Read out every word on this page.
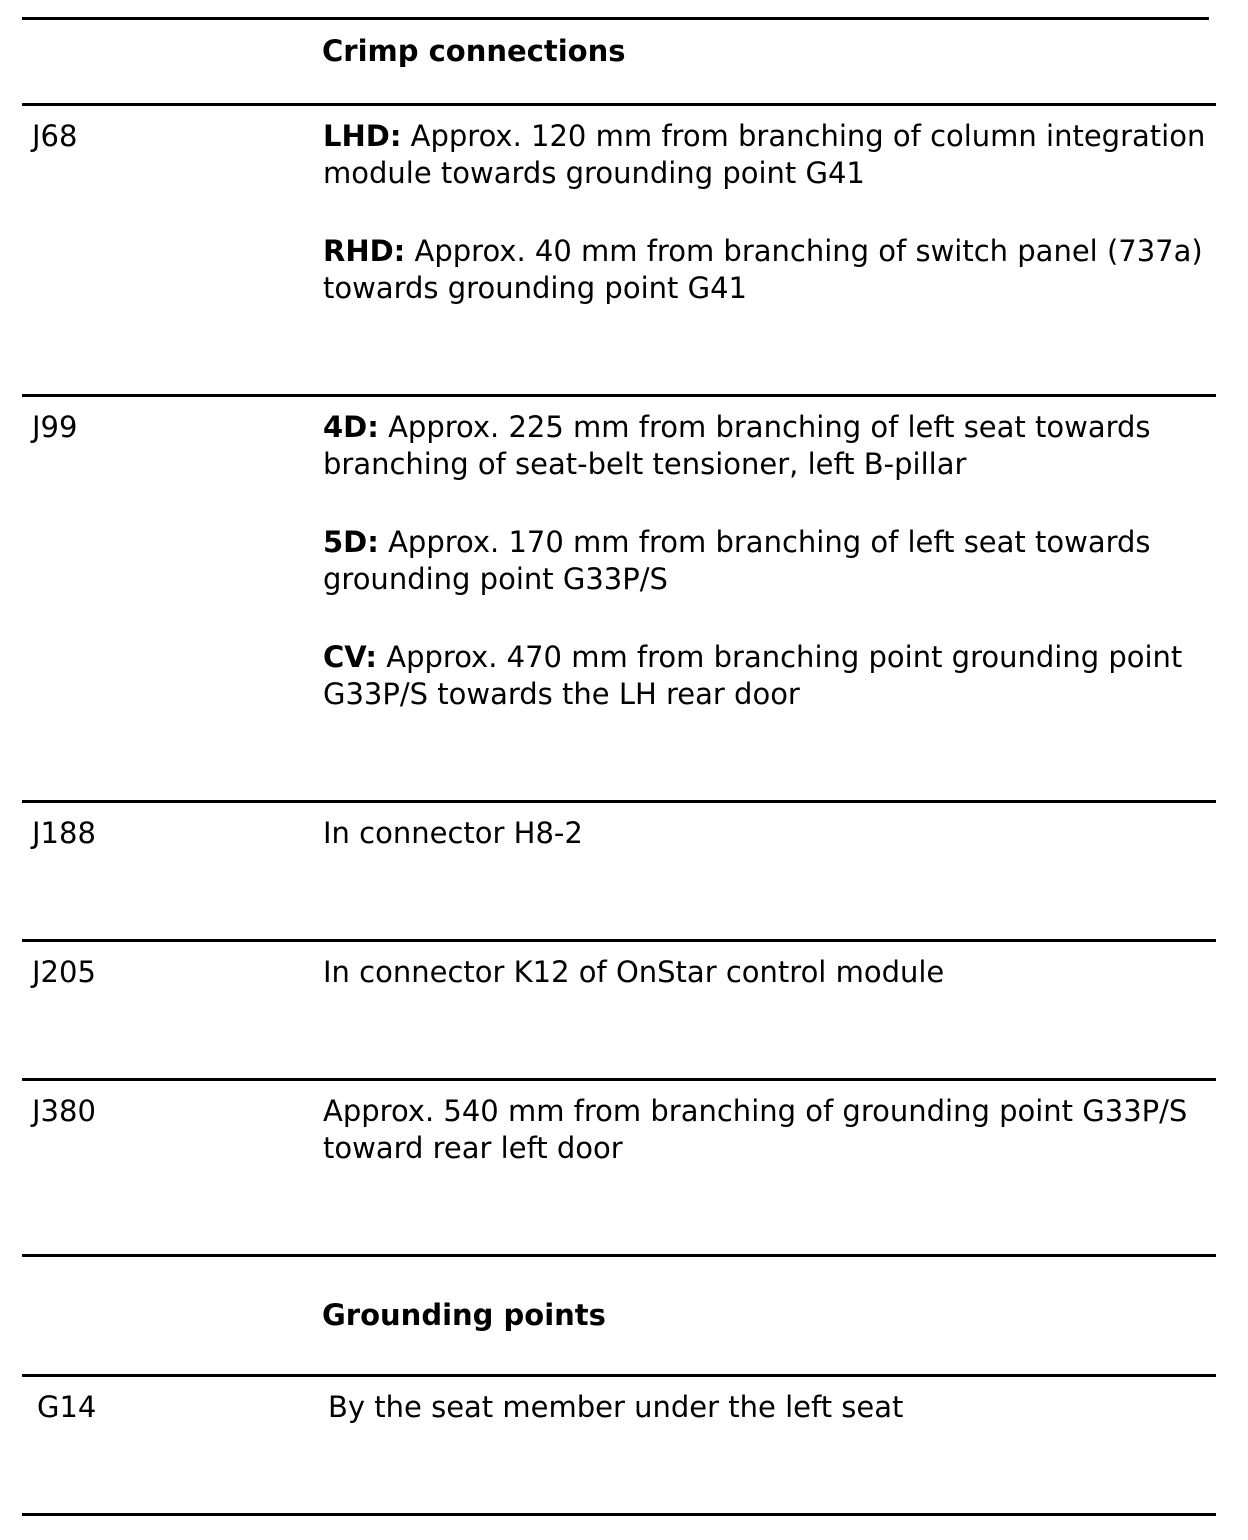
Crimp connections
Grounding points
J68	LHD: Approx. 120 mm from branching of column integration module towards grounding point G41

RHD: Approx. 40 mm from branching of switch panel (737a) towards grounding point G41

J99	4D: Approx. 225 mm from branching of left seat towards branching of seat-belt tensioner, left B-pillar

5D: Approx. 170 mm from branching of left seat towards grounding point G33P/S

CV: Approx. 470 mm from branching point grounding point G33P/S towards the LH rear door

J188	In connector H8-2

J205	In connector K12 of OnStar control module

J380	Approx. 540 mm from branching of grounding point G33P/S toward rear left door

G14	By the seat member under the left seat
